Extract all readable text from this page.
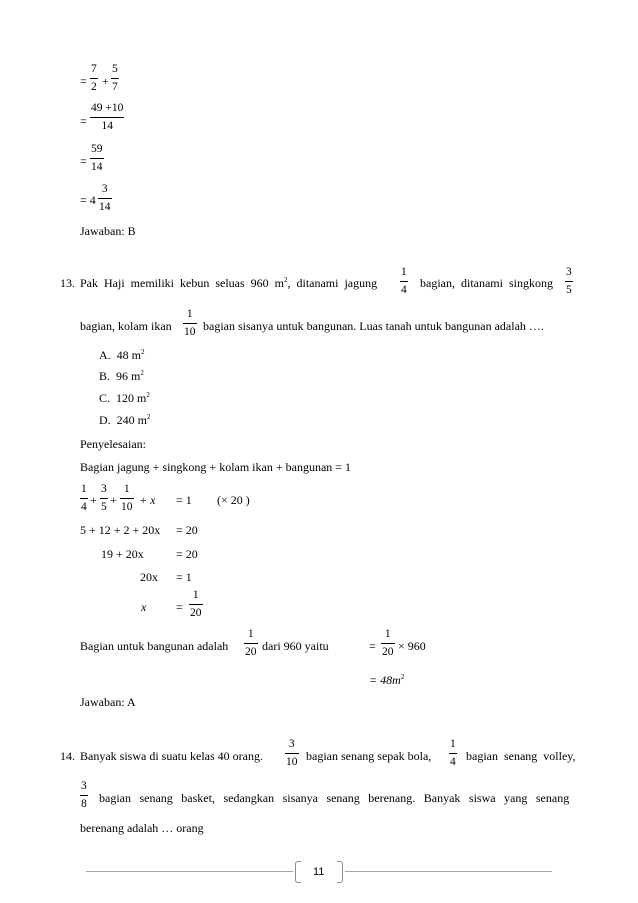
=
7
2 +
5
7
=
49 +10
14
=
59
14
= 4
3
14
Jawaban: B
13. Pak Haji memiliki kebun seluas 960 $m^2$, ditanami jagung
1
4 bagian, ditanami singkong
3
5
bagian, kolam ikan
1
10 bagian sisanya untuk bangunan. Luas tanah untuk bangunan adalah ….
A. 48 $m^2$
B. 96 $m^2$
C. 120 $m^2$
D. 240 $m^2$
Penyelesaian:
Bagian jagung + singkong + kolam ikan + bangunan = 1
1
4 +
3
5 +
1
10 + x = 1 (× 20 )
5 + 12 + 2 + 20x = 20
19 + 20x	= 20
20x = 1
x =
1
20
Bagian untuk bangunan adalah
1
20 dari 960 yaitu	=
1
20 × 960
= $48m^2$
Jawaban: A
14. Banyak siswa di suatu kelas 40 orang.
3
10 bagian senang sepak bola,
1
4 bagian senang volley,
3
8 bagian senang basket, sedangkan sisanya senang berenang. Banyak siswa yang senang
berenang adalah … orang
11
